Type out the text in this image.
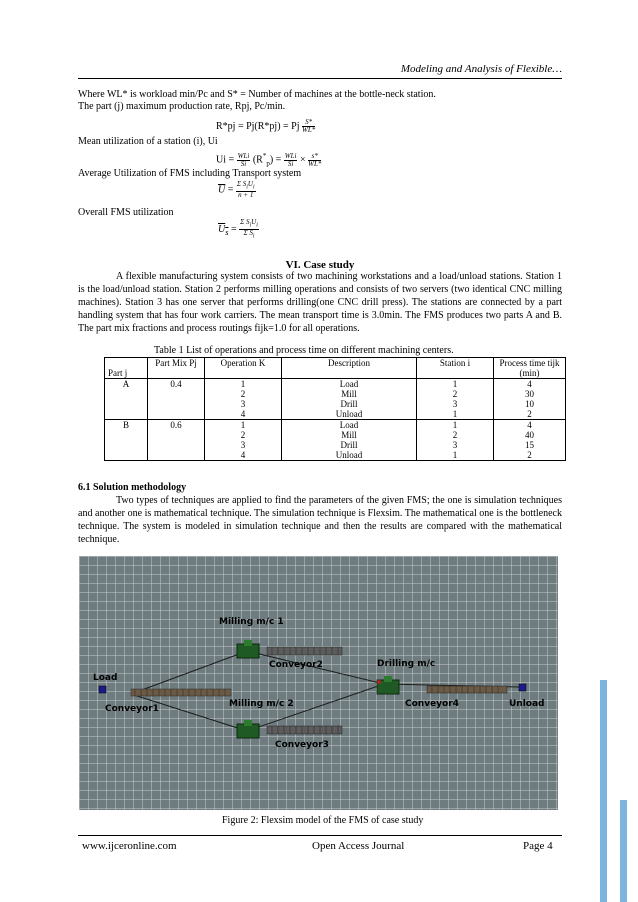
Modeling and Analysis of Flexible…
Where WL* is workload min/Pc and S* = Number of machines at the bottle-neck station.
The part (j) maximum production rate, Rpj, Pc/min.
R*pj = Pj(R*pj) = Pj $\frac{S*}{WL*}$
Mean utilization of a station (i), Ui
$Ui = \frac{\text{WLi}}{Si} (R^*_p) = \frac{\text{WLi}}{Si} \times \frac{s*}{WL*}$
Average Utilization of FMS including Transport system
$\overline{U} = \frac{\Sigma S_iU_i}{n + 1}$
Overall FMS utilization
$U_s = \frac{\Sigma S_iU_i}{\Sigma S_i}$
VI. Case study
A flexible manufacturing system consists of two machining workstations and a load/unload stations. Station 1 is the load/unload station. Station 2 performs milling operations and consists of two servers (two identical CNC milling machines). Station 3 has one server that performs drilling(one CNC drill press). The stations are connected by a part handling system that has four work carriers. The mean transport time is 3.0min. The FMS produces two parts A and B. The part mix fractions and process routings fijk=1.0 for all operations.
Table 1 List of operations and process time on different machining centers.
Part j	Part Mix Pj	Operation K	Description	Station i	Process time tijk (min)
A	0.4	1	Load	1	4
		2	Mill	2	30
		3	Drill	3	10
		4	Unload	1	2
B	0.6	1	Load	1	4
		2	Mill	2	40
		3	Drill	3	15
		4	Unload	1	2
6.1 Solution methodology
Two types of techniques are applied to find the parameters of the given FMS; the one is simulation techniques and another one is mathematical technique. The simulation technique is Flexsim. The mathematical one is the bottleneck technique. The system is modeled in simulation technique and then the results are compared with the mathematical technique.
Milling m/c 1
Conveyor2	Drilling m/c
Load
Conveyor1	Milling m/c 2	Conveyor4	Unload
Conveyor3
Figure 2: Flexsim model of the FMS of case study
www.ijceronline.com	Open Access Journal	Page 4
